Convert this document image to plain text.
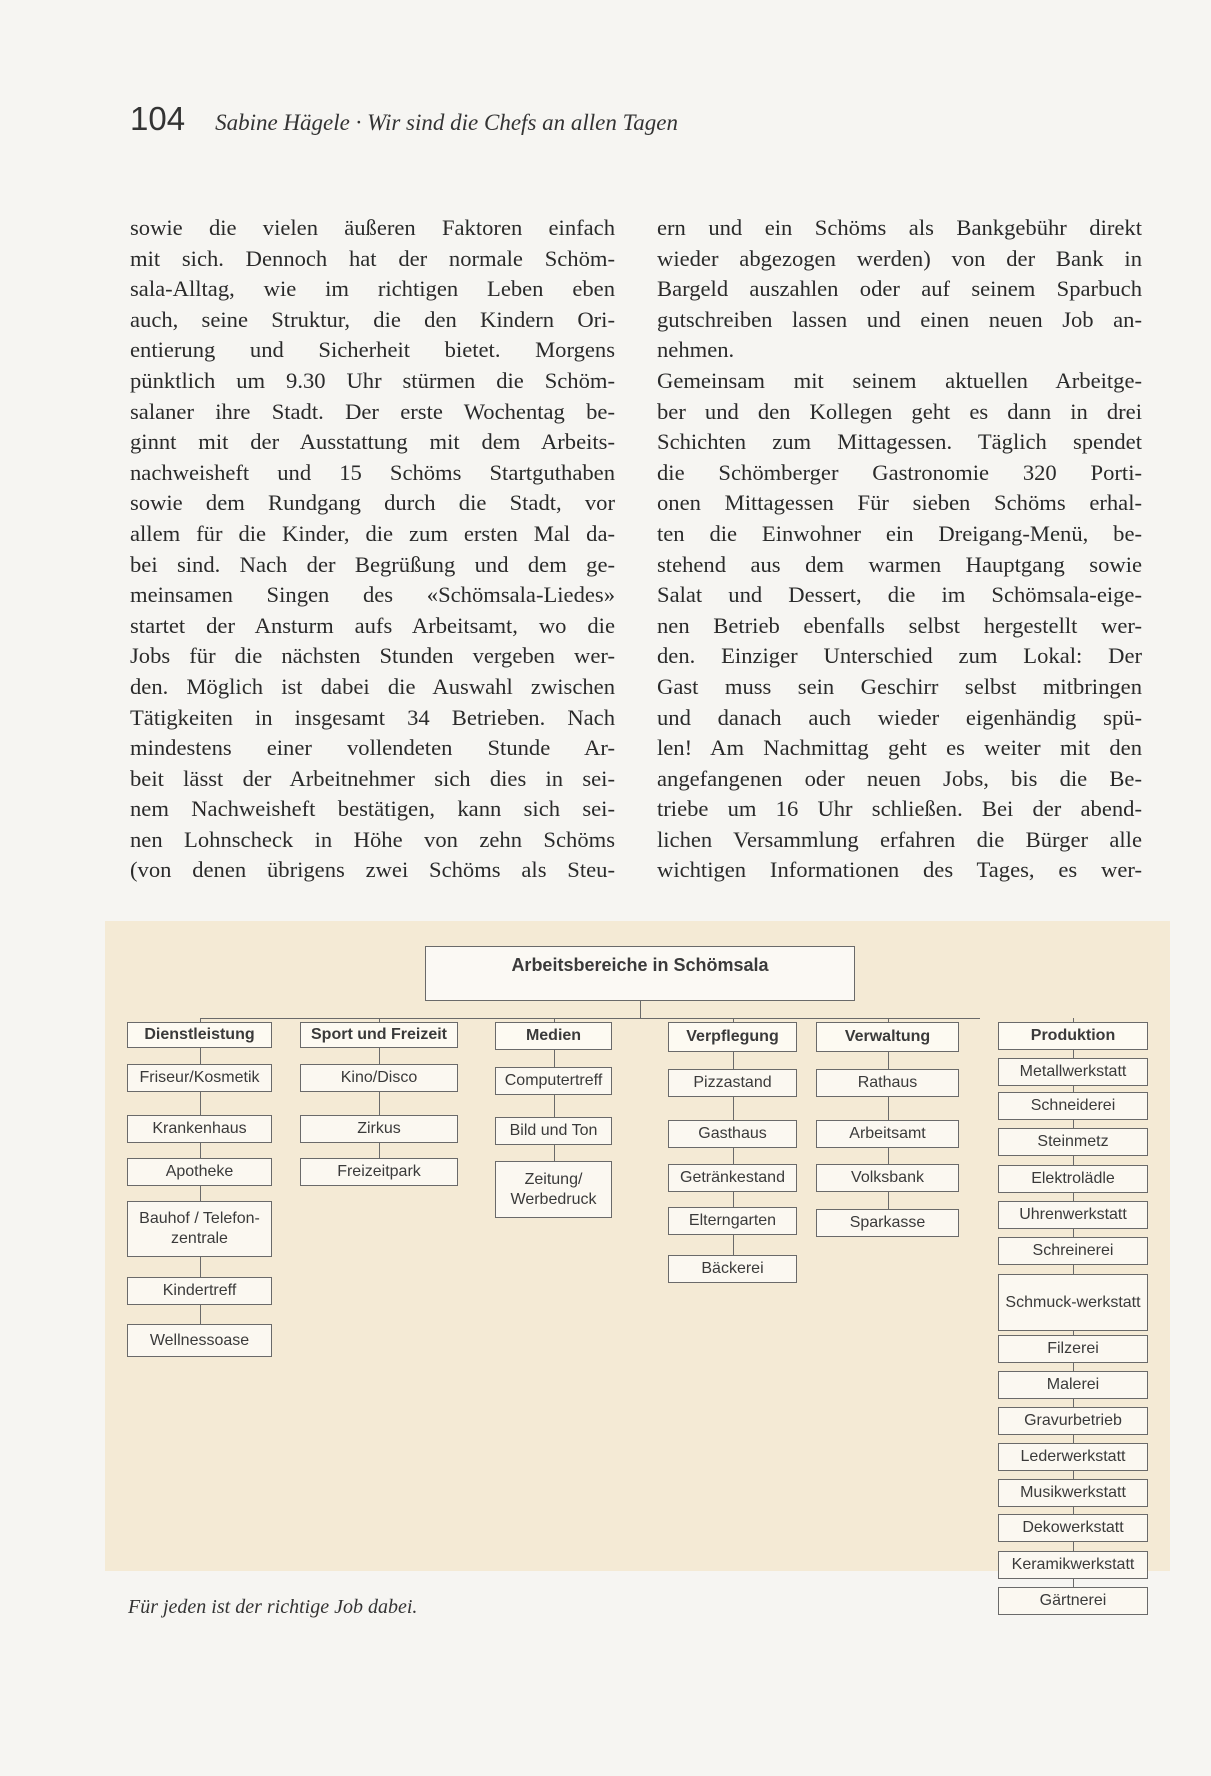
104 Sabine Hägele · Wir sind die Chefs an allen Tagen
sowie die vielen äußeren Faktoren einfach
mit sich. Dennoch hat der normale Schöm-
sala-Alltag, wie im richtigen Leben eben
auch, seine Struktur, die den Kindern Ori-
entierung und Sicherheit bietet. Morgens
pünktlich um 9.30 Uhr stürmen die Schöm-
salaner ihre Stadt. Der erste Wochentag be-
ginnt mit der Ausstattung mit dem Arbeits-
nachweisheft und 15 Schöms Startguthaben
sowie dem Rundgang durch die Stadt, vor
allem für die Kinder, die zum ersten Mal da-
bei sind. Nach der Begrüßung und dem ge-
meinsamen Singen des «Schömsala-Liedes»
startet der Ansturm aufs Arbeitsamt, wo die
Jobs für die nächsten Stunden vergeben wer-
den. Möglich ist dabei die Auswahl zwischen
Tätigkeiten in insgesamt 34 Betrieben. Nach
mindestens einer vollendeten Stunde Ar-
beit lässt der Arbeitnehmer sich dies in sei-
nem Nachweisheft bestätigen, kann sich sei-
nen Lohnscheck in Höhe von zehn Schöms
(von denen übrigens zwei Schöms als Steu-
ern und ein Schöms als Bankgebühr direkt
wieder abgezogen werden) von der Bank in
Bargeld auszahlen oder auf seinem Sparbuch
gutschreiben lassen und einen neuen Job an-
nehmen.
Gemeinsam mit seinem aktuellen Arbeitge-
ber und den Kollegen geht es dann in drei
Schichten zum Mittagessen. Täglich spendet
die Schömberger Gastronomie 320 Porti-
onen Mittagessen Für sieben Schöms erhal-
ten die Einwohner ein Dreigang-Menü, be-
stehend aus dem warmen Hauptgang sowie
Salat und Dessert, die im Schömsala-eige-
nen Betrieb ebenfalls selbst hergestellt wer-
den. Einziger Unterschied zum Lokal: Der
Gast muss sein Geschirr selbst mitbringen
und danach auch wieder eigenhändig spü-
len! Am Nachmittag geht es weiter mit den
angefangenen oder neuen Jobs, bis die Be-
triebe um 16 Uhr schließen. Bei der abend-
lichen Versammlung erfahren die Bürger alle
wichtigen Informationen des Tages, es wer-
Arbeitsbereiche in Schömsala
Dienstleistung
Friseur/Kosmetik
Krankenhaus
Apotheke
Bauhof / Telefon-zentrale
Kindertreff
Wellnessoase
Sport und Freizeit
Kino/Disco
Zirkus
Freizeitpark
Medien
Computertreff
Bild und Ton
Zeitung/ Werbedruck
Verpflegung
Pizzastand
Gasthaus
Getränkestand
Elterngarten
Bäckerei
Verwaltung
Rathaus
Arbeitsamt
Volksbank
Sparkasse
Produktion
Metallwerkstatt
Schneiderei
Steinmetz
Elektrolädle
Uhrenwerkstatt
Schreinerei
Schmuck-werkstatt
Filzerei
Malerei
Gravurbetrieb
Lederwerkstatt
Musikwerkstatt
Dekowerkstatt
Keramikwerkstatt
Gärtnerei
Für jeden ist der richtige Job dabei.
